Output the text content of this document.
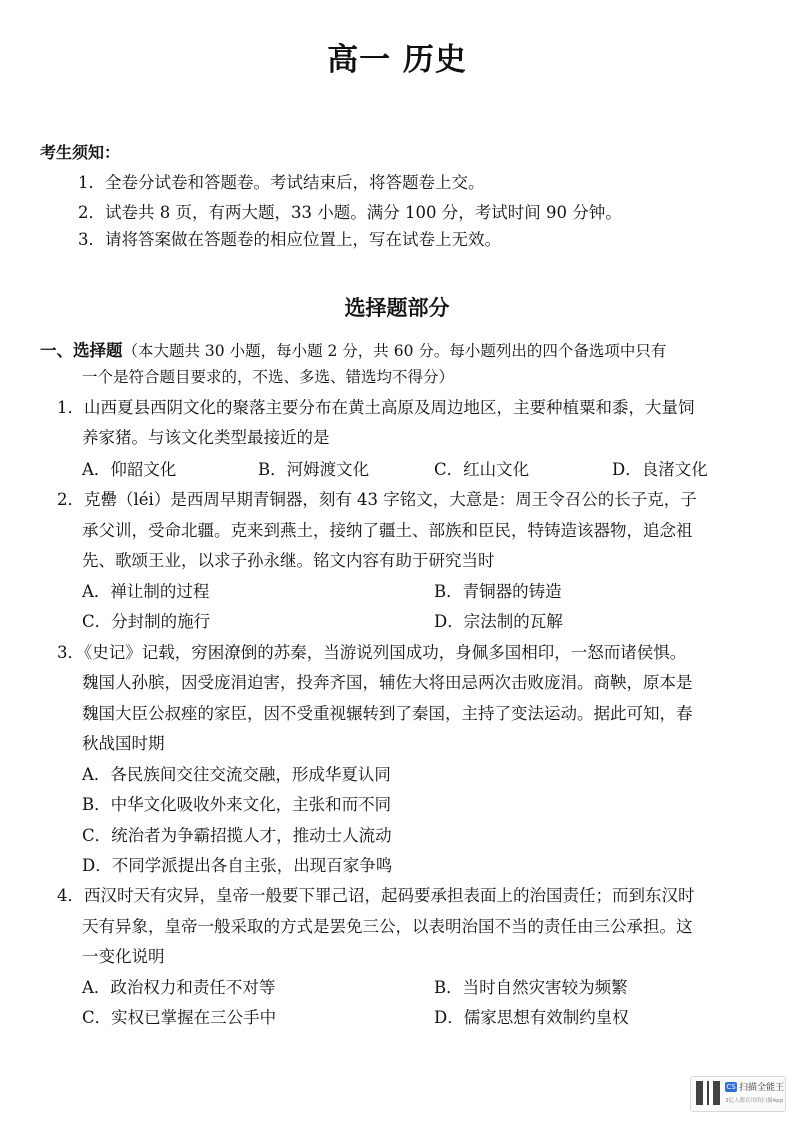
高一 历史
考生须知：
1．全卷分试卷和答题卷。考试结束后，将答题卷上交。
2．试卷共 8 页，有两大题，33 小题。满分 100 分，考试时间 90 分钟。
3．请将答案做在答题卷的相应位置上，写在试卷上无效。
选择题部分
一、选择题（本大题共 30 小题，每小题 2 分，共 60 分。每小题列出的四个备选项中只有
一个是符合题目要求的，不选、多选、错选均不得分）
1．山西夏县西阴文化的聚落主要分布在黄土高原及周边地区，主要种植粟和黍，大量饲
养家猪。与该文化类型最接近的是
A．仰韶文化	B．河姆渡文化	C．红山文化	D．良渚文化
2．克罍（léi）是西周早期青铜器，刻有 43 字铭文，大意是：周王令召公的长子克，子
承父训，受命北疆。克来到燕土，接纳了疆土、部族和臣民，特铸造该器物，追念祖
先、歌颂王业，以求子孙永继。铭文内容有助于研究当时
A．禅让制的过程	B．青铜器的铸造
C．分封制的施行	D．宗法制的瓦解
3．《史记》记载，穷困潦倒的苏秦，当游说列国成功，身佩多国相印，一怒而诸侯惧。
魏国人孙膑，因受庞涓迫害，投奔齐国，辅佐大将田忌两次击败庞涓。商鞅，原本是
魏国大臣公叔痤的家臣，因不受重视辗转到了秦国，主持了变法运动。据此可知，春
秋战国时期
A．各民族间交往交流交融，形成华夏认同
B．中华文化吸收外来文化，主张和而不同
C．统治者为争霸招揽人才，推动士人流动
D．不同学派提出各自主张，出现百家争鸣
4．西汉时天有灾异，皇帝一般要下罪己诏，起码要承担表面上的治国责任；而到东汉时
天有异象，皇帝一般采取的方式是罢免三公，以表明治国不当的责任由三公承担。这
一变化说明
A．政治权力和责任不对等	B．当时自然灾害较为频繁
C．实权已掌握在三公手中	D．儒家思想有效制约皇权
CS 扫描全能王
3亿人都在用的扫描App
